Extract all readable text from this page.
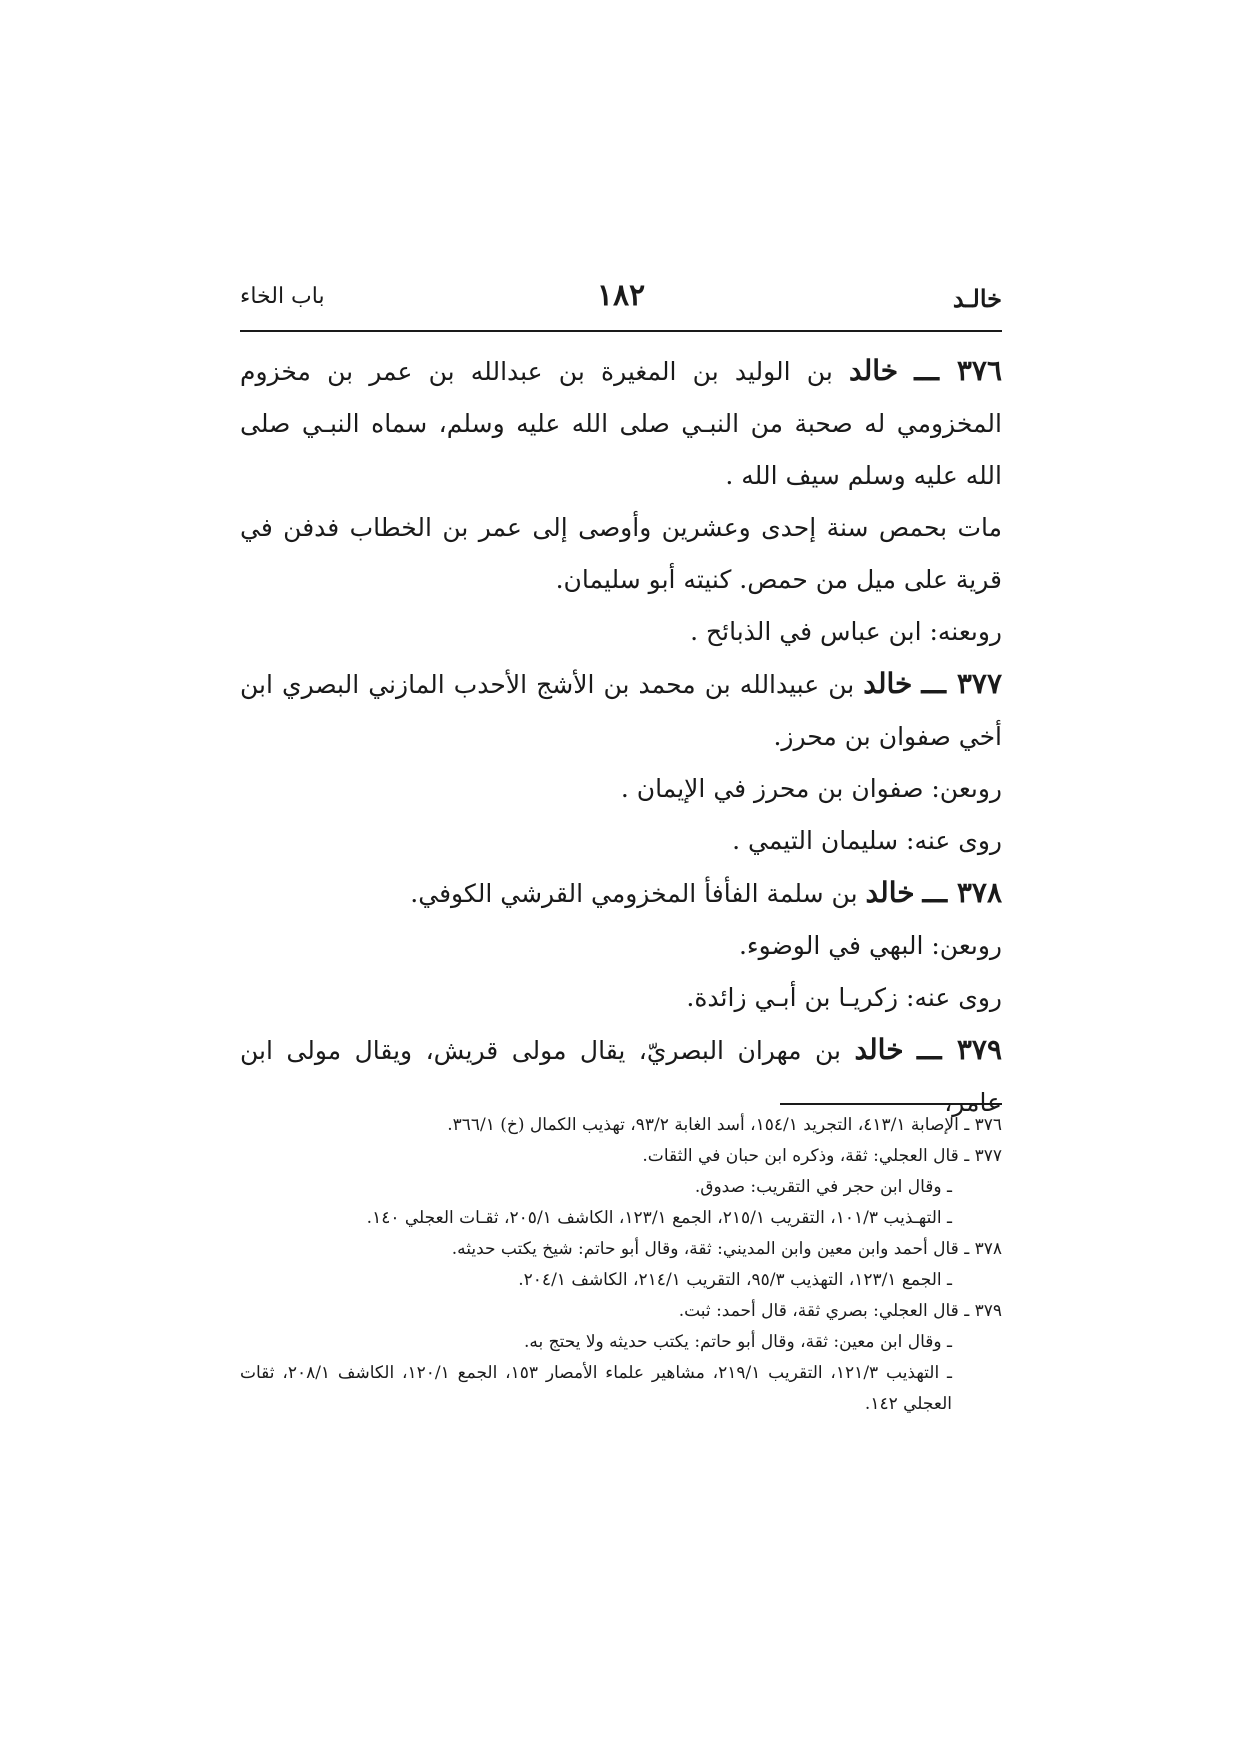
خالـد
١٨٢
باب الخاء

٣٧٦ ـــ خالد بن الوليد بن المغيرة بن عبدالله بن عمر بن مخزوم المخزومي له صحبة من النبـي صلى الله عليه وسلم، سماه النبـي صلى الله عليه وسلم سيف الله .

مات بحمص سنة إحدى وعشرين وأوصى إلى عمر بن الخطاب فدفن في قرية على ميل من حمص. كنيته أبو سليمان.

روىعنه: ابن عباس في الذبائح .

٣٧٧ ـــ خالد بن عبيدالله بن محمد بن الأشج الأحدب المازني البصري ابن أخي صفوان بن محرز.

روىعن: صفوان بن محرز في الإيمان .

روى عنه: سليمان التيمي .

٣٧٨ ـــ خالد بن سلمة الفأفأ المخزومي القرشي الكوفي.

روىعن: البهي في الوضوء.

روى عنه: زكريـا بن أبـي زائدة.

٣٧٩ ـــ خالد بن مهران البصريّ، يقال مولى قريش، ويقال مولى ابن عامر،

٣٧٦ ـ الإصابة ٤١٣/١، التجريد ١٥٤/١، أسد الغابة ٩٣/٢، تهذيب الكمال (خ) ٣٦٦/١.

٣٧٧ ـ قال العجلي: ثقة، وذكره ابن حبان في الثقات.

ـ وقال ابن حجر في التقريب: صدوق.

ـ التهـذيب ١٠١/٣، التقريب ٢١٥/١، الجمع ١٢٣/١، الكاشف ٢٠٥/١، ثقـات العجلي ١٤٠.

٣٧٨ ـ قال أحمد وابن معين وابن المديني: ثقة، وقال أبو حاتم: شيخ يكتب حديثه.

ـ الجمع ١٢٣/١، التهذيب ٩٥/٣، التقريب ٢١٤/١، الكاشف ٢٠٤/١.

٣٧٩ ـ قال العجلي: بصري ثقة، قال أحمد: ثبت.

ـ وقال ابن معين: ثقة، وقال أبو حاتم: يكتب حديثه ولا يحتج به.

ـ التهذيب ١٢١/٣، التقريب ٢١٩/١، مشاهير علماء الأمصار ١٥٣، الجمع ١٢٠/١، الكاشف ٢٠٨/١، ثقات العجلي ١٤٢.
